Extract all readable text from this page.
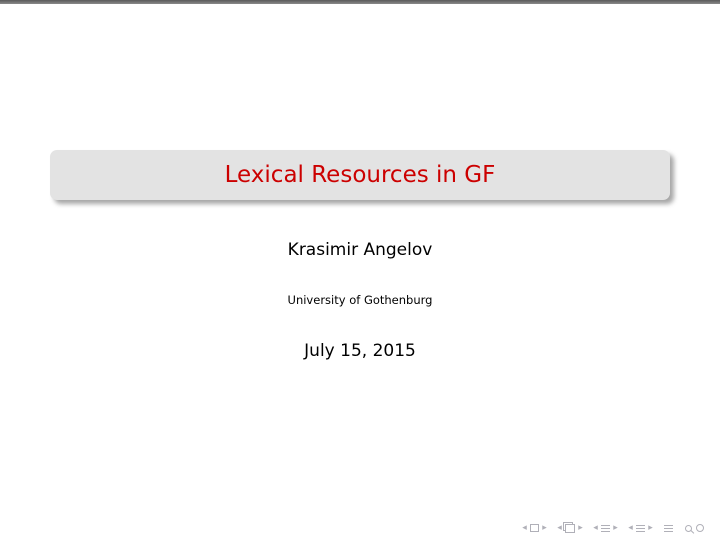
Lexical Resources in GF
Krasimir Angelov
University of Gothenburg
July 15, 2015
◂ ▸ ◂ ▸ ◂ ▸ ◂ ▸
